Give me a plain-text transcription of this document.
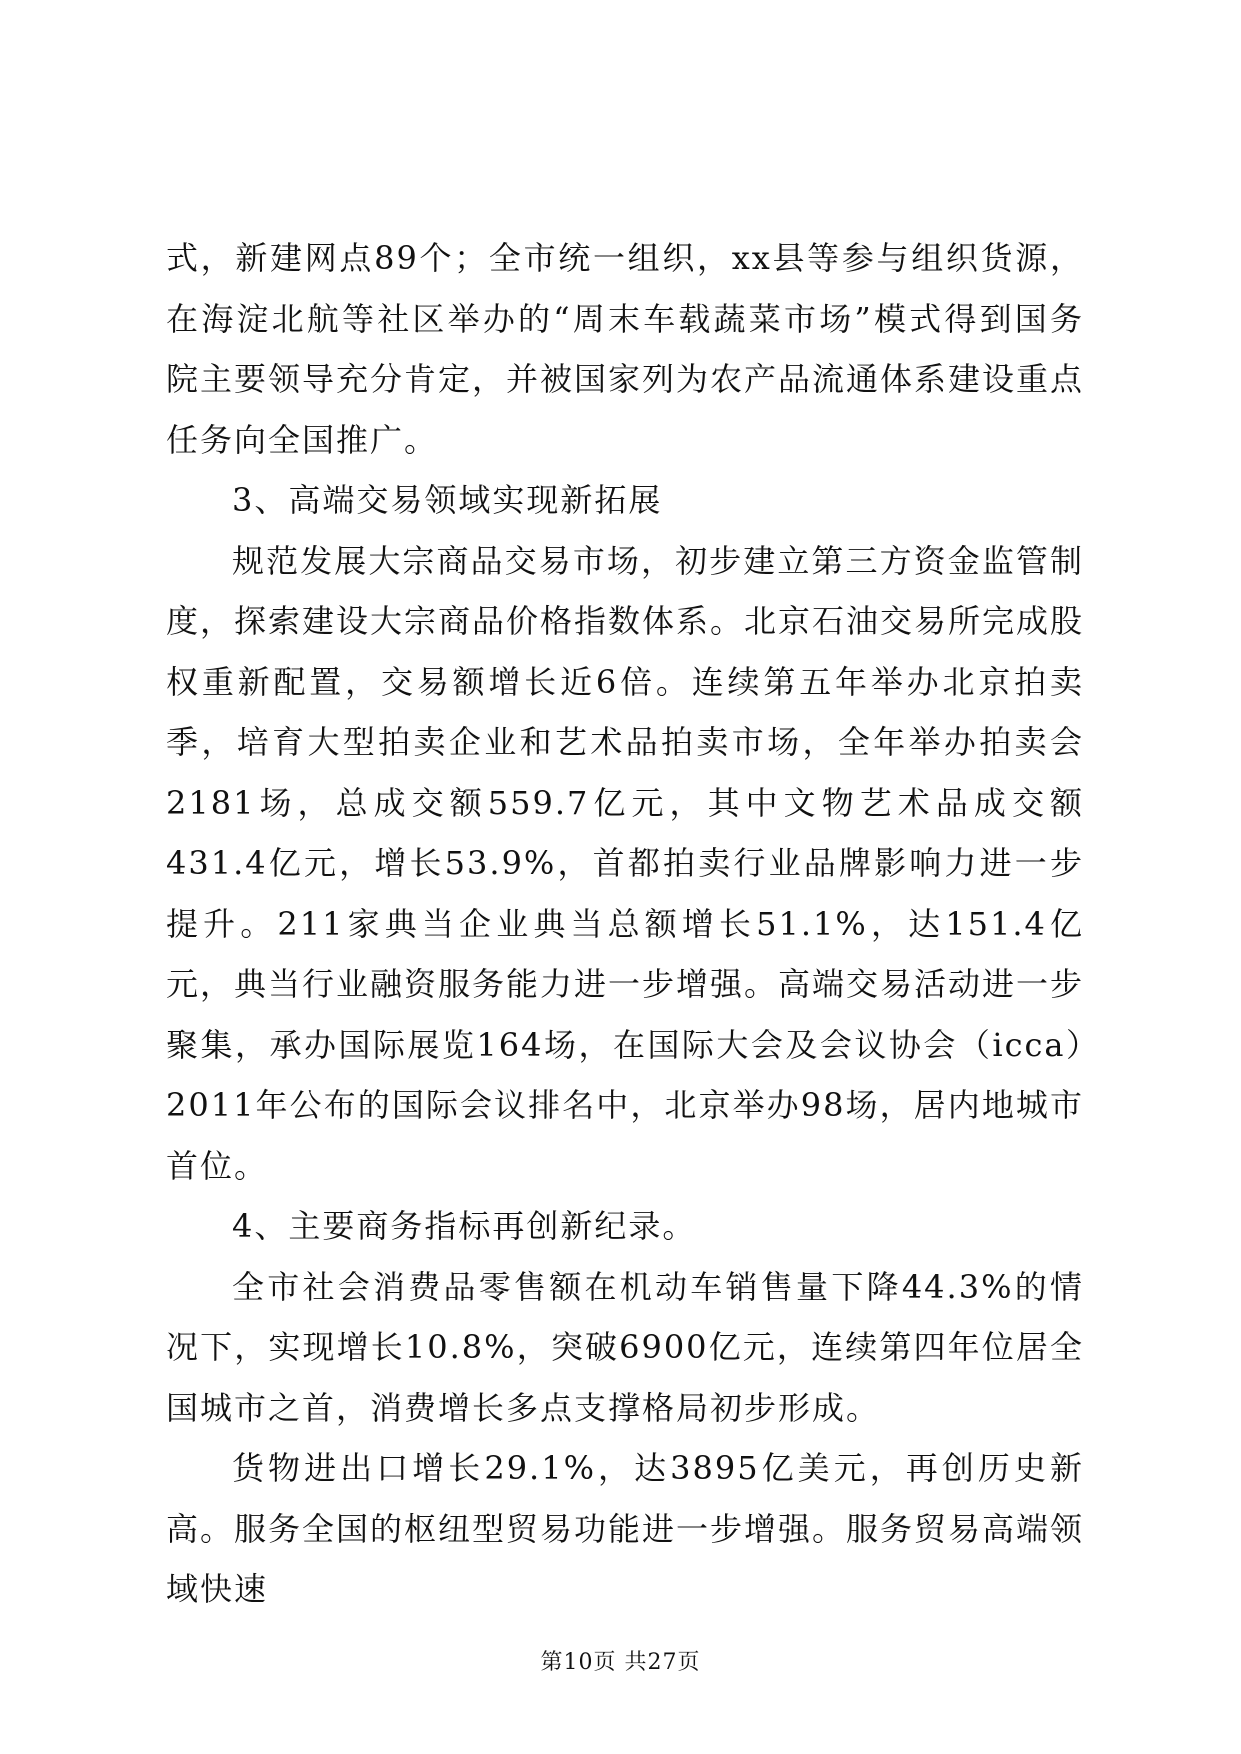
式，新建网点89个；全市统一组织，xx县等参与组织货源，在海淀北航等社区举办的“周末车载蔬菜市场”模式得到国务院主要领导充分肯定，并被国家列为农产品流通体系建设重点任务向全国推广。

3、高端交易领域实现新拓展

规范发展大宗商品交易市场，初步建立第三方资金监管制度，探索建设大宗商品价格指数体系。北京石油交易所完成股权重新配置，交易额增长近6倍。连续第五年举办北京拍卖季，培育大型拍卖企业和艺术品拍卖市场，全年举办拍卖会2181场，总成交额559.7亿元，其中文物艺术品成交额431.4亿元，增长53.9%，首都拍卖行业品牌影响力进一步提升。211家典当企业典当总额增长51.1%，达151.4亿元，典当行业融资服务能力进一步增强。高端交易活动进一步聚集，承办国际展览164场，在国际大会及会议协会（icca）2011年公布的国际会议排名中，北京举办98场，居内地城市首位。

4、主要商务指标再创新纪录。

全市社会消费品零售额在机动车销售量下降44.3%的情况下，实现增长10.8%，突破6900亿元，连续第四年位居全国城市之首，消费增长多点支撑格局初步形成。

货物进出口增长29.1%，达3895亿美元，再创历史新高。服务全国的枢纽型贸易功能进一步增强。服务贸易高端领域快速

第10页 共27页
